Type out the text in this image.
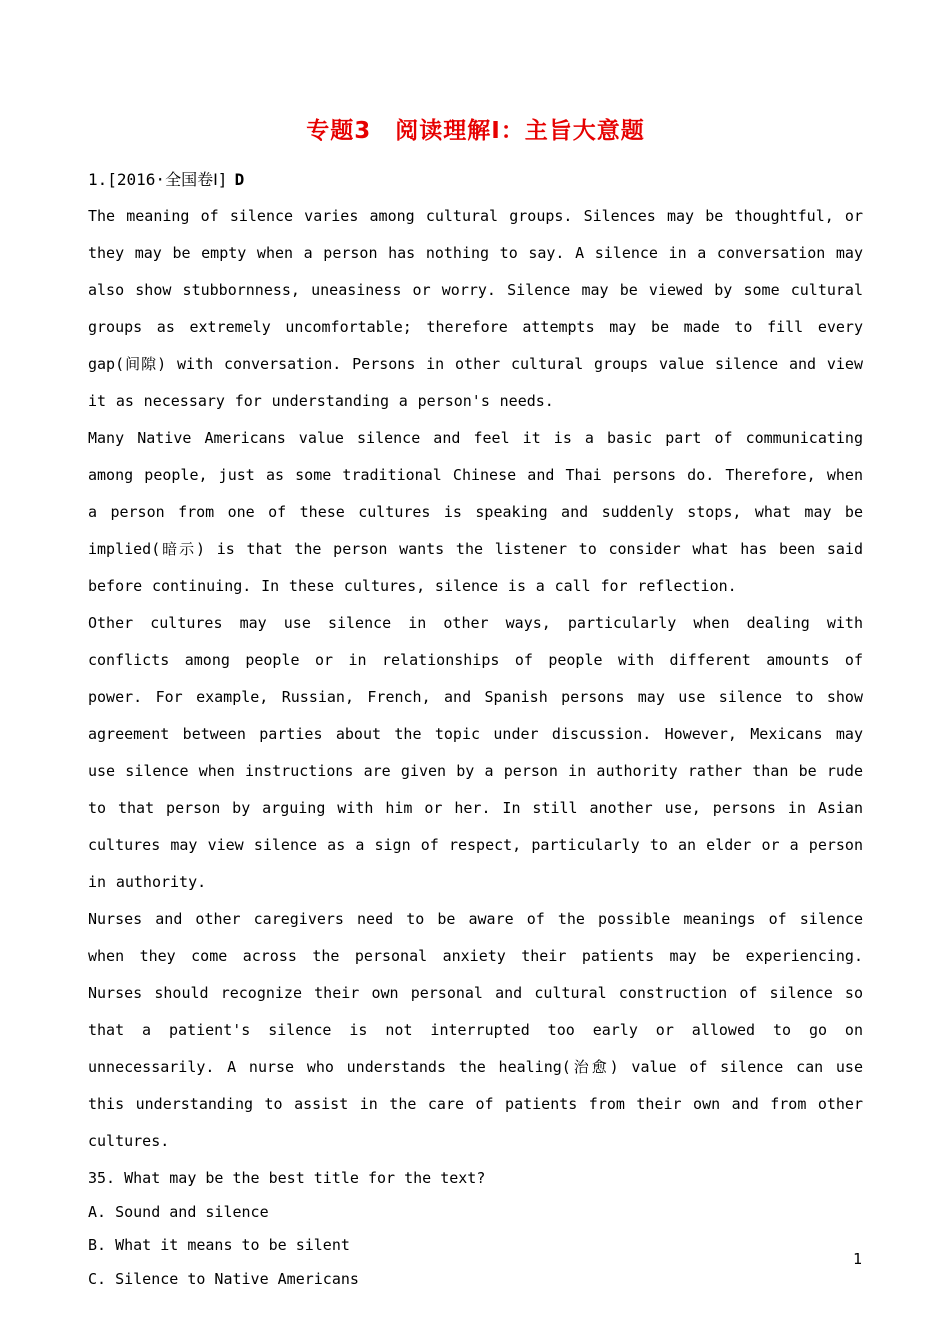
专题3　阅读理解Ⅰ：主旨大意题

1.[2016·全国卷Ⅰ] D

The meaning of silence varies among cultural groups. Silences may be thoughtful, or they may be empty when a person has nothing to say. A silence in a conversation may also show stubbornness, uneasiness or worry. Silence may be viewed by some cultural groups as extremely uncomfortable; therefore attempts may be made to fill every gap(间隙) with conversation. Persons in other cultural groups value silence and view it as necessary for understanding a person's needs.

Many Native Americans value silence and feel it is a basic part of communicating among people, just as some traditional Chinese and Thai persons do. Therefore, when a person from one of these cultures is speaking and suddenly stops, what may be implied(暗示) is that the person wants the listener to consider what has been said before continuing. In these cultures, silence is a call for reflection.

Other cultures may use silence in other ways, particularly when dealing with conflicts among people or in relationships of people with different amounts of power. For example, Russian, French, and Spanish persons may use silence to show agreement between parties about the topic under discussion. However, Mexicans may use silence when instructions are given by a person in authority rather than be rude to that person by arguing with him or her. In still another use, persons in Asian cultures may view silence as a sign of respect, particularly to an elder or a person in authority.

Nurses and other caregivers need to be aware of the possible meanings of silence when they come across the personal anxiety their patients may be experiencing. Nurses should recognize their own personal and cultural construction of silence so that a patient's silence is not interrupted too early or allowed to go on unnecessarily. A nurse who understands the healing(治愈) value of silence can use this understanding to assist in the care of patients from their own and from other cultures.

35. What may be the best title for the text?

A. Sound and silence

B. What it means to be silent

C. Silence to Native Americans

1
